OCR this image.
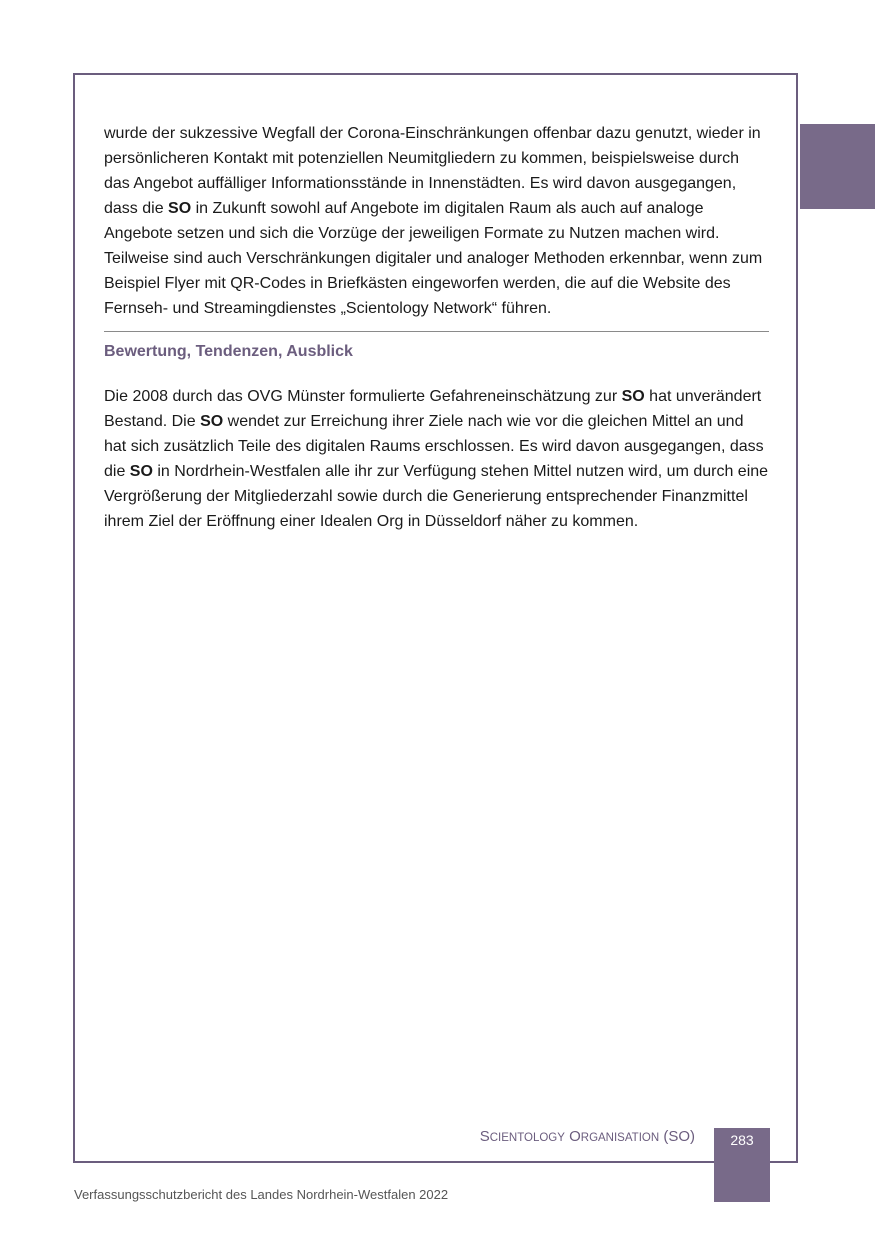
wurde der sukzessive Wegfall der Corona-Einschränkungen offenbar dazu genutzt, wieder in persönlicheren Kontakt mit potenziellen Neumitgliedern zu kommen, beispielsweise durch das Angebot auffälliger Informationsstände in Innenstädten. Es wird davon ausgegangen, dass die SO in Zukunft sowohl auf Angebote im digitalen Raum als auch auf analoge Angebote setzen und sich die Vorzüge der jeweiligen Formate zu Nutzen machen wird. Teilweise sind auch Verschränkungen digitaler und analoger Methoden erkennbar, wenn zum Beispiel Flyer mit QR-Codes in Briefkästen eingeworfen werden, die auf die Website des Fernseh- und Streamingdienstes „Scientology Network“ führen.

Bewertung, Tendenzen, Ausblick

Die 2008 durch das OVG Münster formulierte Gefahreneinschätzung zur SO hat unverändert Bestand. Die SO wendet zur Erreichung ihrer Ziele nach wie vor die gleichen Mittel an und hat sich zusätzlich Teile des digitalen Raums erschlossen. Es wird davon ausgegangen, dass die SO in Nordrhein-Westfalen alle ihr zur Verfügung stehen Mittel nutzen wird, um durch eine Vergrößerung der Mitgliederzahl sowie durch die Generierung entsprechender Finanzmittel ihrem Ziel der Eröffnung einer Idealen Org in Düsseldorf näher zu kommen.

SCIENTOLOGY ORGANISATION (SO)	283
Verfassungsschutzbericht des Landes Nordrhein-Westfalen 2022
